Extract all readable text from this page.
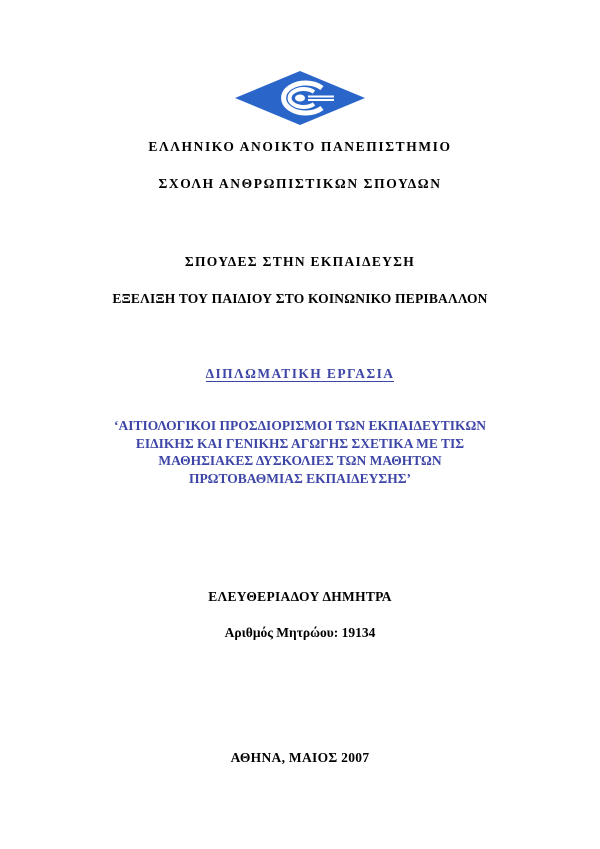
ΕΛΛΗΝΙΚΟ ΑΝΟΙΚΤΟ ΠΑΝΕΠΙΣΤΗΜΙΟ
ΣΧΟΛΗ ΑΝΘΡΩΠΙΣΤΙΚΩΝ ΣΠΟΥΔΩΝ
ΣΠΟΥΔΕΣ ΣΤΗΝ ΕΚΠΑΙΔΕΥΣΗ
ΕΞΕΛΙΞΗ ΤΟΥ ΠΑΙΔΙΟΥ ΣΤΟ ΚΟΙΝΩΝΙΚΟ ΠΕΡΙΒΑΛΛΟΝ
ΔΙΠΛΩΜΑΤΙΚΗ ΕΡΓΑΣΙΑ
‘ΑΙΤΙΟΛΟΓΙΚΟΙ ΠΡΟΣΔΙΟΡΙΣΜΟΙ ΤΩΝ ΕΚΠΑΙΔΕΥΤΙΚΩΝ
ΕΙΔΙΚΗΣ ΚΑΙ ΓΕΝΙΚΗΣ ΑΓΩΓΗΣ ΣΧΕΤΙΚΑ ΜΕ ΤΙΣ
ΜΑΘΗΣΙΑΚΕΣ ΔΥΣΚΟΛΙΕΣ ΤΩΝ ΜΑΘΗΤΩΝ
ΠΡΩΤΟΒΑΘΜΙΑΣ ΕΚΠΑΙΔΕΥΣΗΣ’
ΕΛΕΥΘΕΡΙΑΔΟΥ ΔΗΜΗΤΡΑ
Αριθμός Μητρώου: 19134
ΑΘΗΝΑ, ΜΑΙΟΣ 2007
